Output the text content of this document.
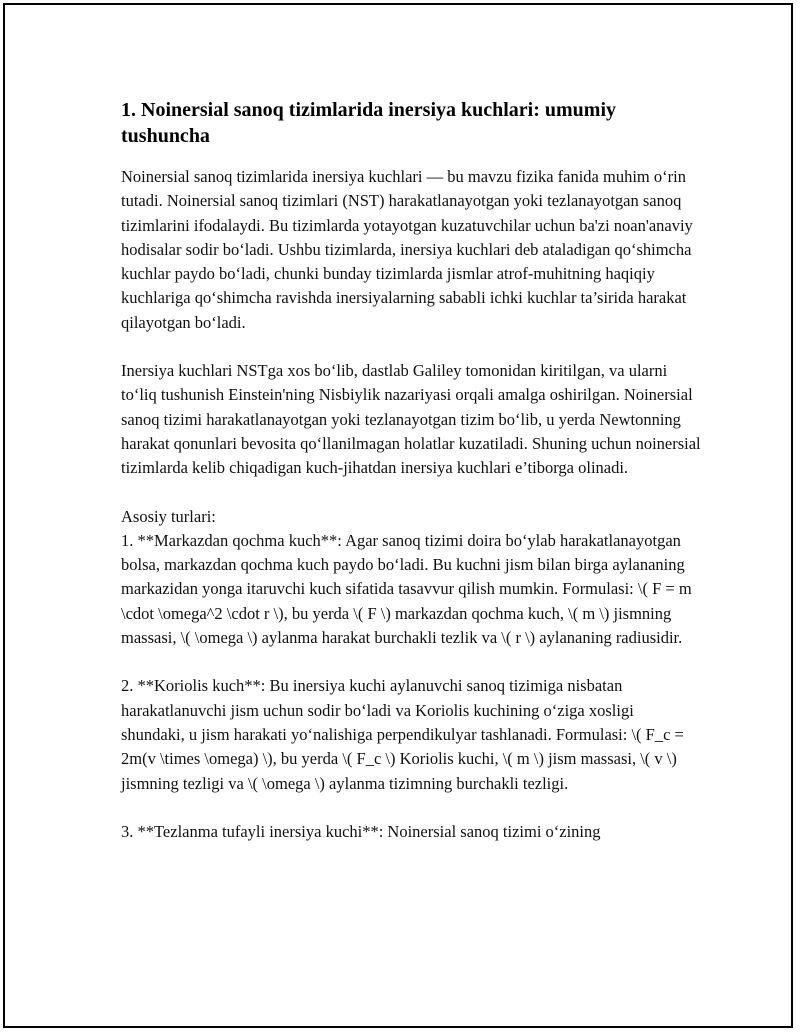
1. Noinersial sanoq tizimlarida inersiya kuchlari: umumiy tushuncha

Noinersial sanoq tizimlarida inersiya kuchlari — bu mavzu fizika fanida muhim o‘rin tutadi. Noinersial sanoq tizimlari (NST) harakatlanayotgan yoki tezlanayotgan sanoq tizimlarini ifodalaydi. Bu tizimlarda yotayotgan kuzatuvchilar uchun ba'zi noan'anaviy hodisalar sodir bo‘ladi. Ushbu tizimlarda, inersiya kuchlari deb ataladigan qo‘shimcha kuchlar paydo bo‘ladi, chunki bunday tizimlarda jismlar atrof-muhitning haqiqiy kuchlariga qo‘shimcha ravishda inersiyalarning sababli ichki kuchlar ta’sirida harakat qilayotgan bo‘ladi.

Inersiya kuchlari NSTga xos bo‘lib, dastlab Galiley tomonidan kiritilgan, va ularni to‘liq tushunish Einstein'ning Nisbiylik nazariyasi orqali amalga oshirilgan. Noinersial sanoq tizimi harakatlanayotgan yoki tezlanayotgan tizim bo‘lib, u yerda Newtonning harakat qonunlari bevosita qo‘llanilmagan holatlar kuzatiladi. Shuning uchun noinersial tizimlarda kelib chiqadigan kuch-jihatdan inersiya kuchlari e’tiborga olinadi.

Asosiy turlari:
1. **Markazdan qochma kuch**: Agar sanoq tizimi doira bo‘ylab harakatlanayotgan bolsa, markazdan qochma kuch paydo bo‘ladi. Bu kuchni jism bilan birga aylananing markazidan yonga itaruvchi kuch sifatida tasavvur qilish mumkin. Formulasi: \( F = m \cdot \omega^2 \cdot r \), bu yerda \( F \) markazdan qochma kuch, \( m \) jismning massasi, \( \omega \) aylanma harakat burchakli tezlik va \( r \) aylananing radiusidir.

2. **Koriolis kuch**: Bu inersiya kuchi aylanuvchi sanoq tizimiga nisbatan harakatlanuvchi jism uchun sodir bo‘ladi va Koriolis kuchining o‘ziga xosligi shundaki, u jism harakati yo‘nalishiga perpendikulyar tashlanadi. Formulasi: \( F_c = 2m(v \times \omega) \), bu yerda \( F_c \) Koriolis kuchi, \( m \) jism massasi, \( v \) jismning tezligi va \( \omega \) aylanma tizimning burchakli tezligi.

3. **Tezlanma tufayli inersiya kuchi**: Noinersial sanoq tizimi o‘zining
